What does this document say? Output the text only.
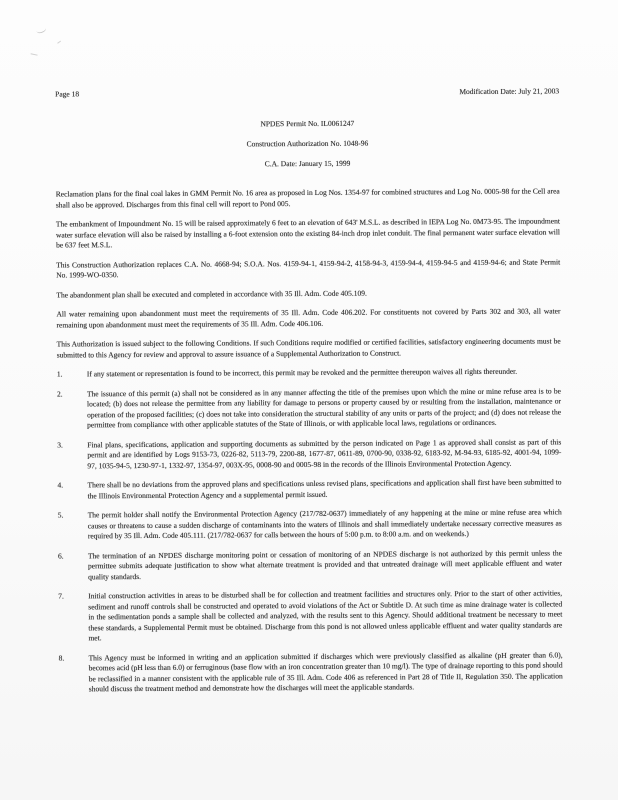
Page 18	Modification Date: July 21, 2003
NPDES Permit No. IL0061247
Construction Authorization No. 1048-96
C.A. Date: January 15, 1999

Reclamation plans for the final coal lakes in GMM Permit No. 16 area as proposed in Log Nos. 1354-97 for combined structures and Log No. 0005-98 for the Cell area shall also be approved. Discharges from this final cell will report to Pond 005.

The embankment of Impoundment No. 15 will be raised approximately 6 feet to an elevation of 643' M.S.L. as described in IEPA Log No. 0M73-95. The impoundment water surface elevation will also be raised by installing a 6-foot extension onto the existing 84-inch drop inlet conduit. The final permanent water surface elevation will be 637 feet M.S.L.

This Construction Authorization replaces C.A. No. 4668-94; S.O.A. Nos. 4159-94-1, 4159-94-2, 4158-94-3, 4159-94-4, 4159-94-5 and 4159-94-6; and State Permit No. 1999-WO-0350.

The abandonment plan shall be executed and completed in accordance with 35 Ill. Adm. Code 405.109.

All water remaining upon abandonment must meet the requirements of 35 Ill. Adm. Code 406.202. For constituents not covered by Parts 302 and 303, all water remaining upon abandonment must meet the requirements of 35 Ill. Adm. Code 406.106.

This Authorization is issued subject to the following Conditions. If such Conditions require modified or certified facilities, satisfactory engineering documents must be submitted to this Agency for review and approval to assure issuance of a Supplemental Authorization to Construct.

1.	If any statement or representation is found to be incorrect, this permit may be revoked and the permittee thereupon waives all rights thereunder.
2.	The issuance of this permit (a) shall not be considered as in any manner affecting the title of the premises upon which the mine or mine refuse area is to be located; (b) does not release the permittee from any liability for damage to persons or property caused by or resulting from the installation, maintenance or operation of the proposed facilities; (c) does not take into consideration the structural stability of any units or parts of the project; and (d) does not release the permittee from compliance with other applicable statutes of the State of Illinois, or with applicable local laws, regulations or ordinances.
3.	Final plans, specifications, application and supporting documents as submitted by the person indicated on Page 1 as approved shall consist as part of this permit and are identified by Logs 9153-73, 0226-82, 5113-79, 2200-88, 1677-87, 0611-89, 0700-90, 0338-92, 6183-92, M-94-93, 6185-92, 4001-94, 1099-97, 1035-94-5, 1230-97-1, 1332-97, 1354-97, 003X-95, 0008-90 and 0005-98 in the records of the Illinois Environmental Protection Agency.
4.	There shall be no deviations from the approved plans and specifications unless revised plans, specifications and application shall first have been submitted to the Illinois Environmental Protection Agency and a supplemental permit issued.
5.	The permit holder shall notify the Environmental Protection Agency (217/782-0637) immediately of any happening at the mine or mine refuse area which causes or threatens to cause a sudden discharge of contaminants into the waters of Illinois and shall immediately undertake necessary corrective measures as required by 35 Ill. Adm. Code 405.111. (217/782-0637 for calls between the hours of 5:00 p.m. to 8:00 a.m. and on weekends.)
6.	The termination of an NPDES discharge monitoring point or cessation of monitoring of an NPDES discharge is not authorized by this permit unless the permittee submits adequate justification to show what alternate treatment is provided and that untreated drainage will meet applicable effluent and water quality standards.
7.	Initial construction activities in areas to be disturbed shall be for collection and treatment facilities and structures only. Prior to the start of other activities, sediment and runoff controls shall be constructed and operated to avoid violations of the Act or Subtitle D. At such time as mine drainage water is collected in the sedimentation ponds a sample shall be collected and analyzed, with the results sent to this Agency. Should additional treatment be necessary to meet these standards, a Supplemental Permit must be obtained. Discharge from this pond is not allowed unless applicable effluent and water quality standards are met.
8.	This Agency must be informed in writing and an application submitted if discharges which were previously classified as alkaline (pH greater than 6.0), becomes acid (pH less than 6.0) or ferruginous (base flow with an iron concentration greater than 10 mg/l). The type of drainage reporting to this pond should be reclassified in a manner consistent with the applicable rule of 35 Ill. Adm. Code 406 as referenced in Part 28 of Title II, Regulation 350. The application should discuss the treatment method and demonstrate how the discharges will meet the applicable standards.
